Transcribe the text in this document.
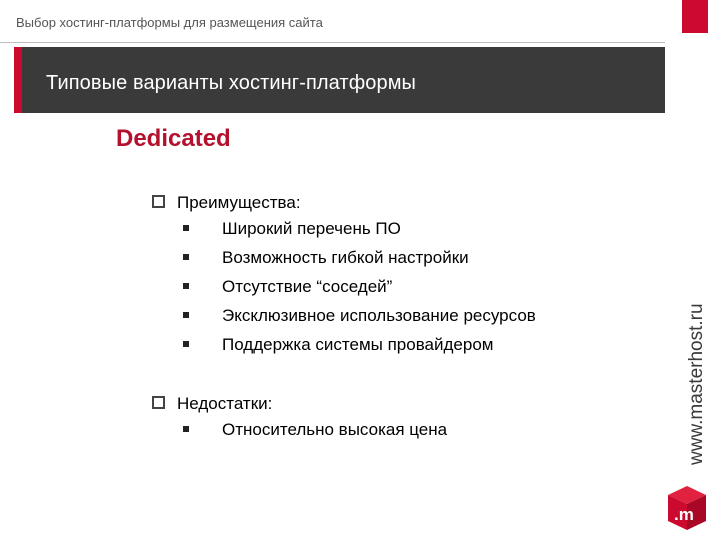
Выбор хостинг-платформы для размещения сайта
Типовые варианты хостинг-платформы
Dedicated
Преимущества:
Широкий перечень ПО
Возможность гибкой настройки
Отсутствие “соседей”
Эксклюзивное использование ресурсов
Поддержка системы провайдером
Недостатки:
Относительно высокая цена	www.masterhost.ru
.m
